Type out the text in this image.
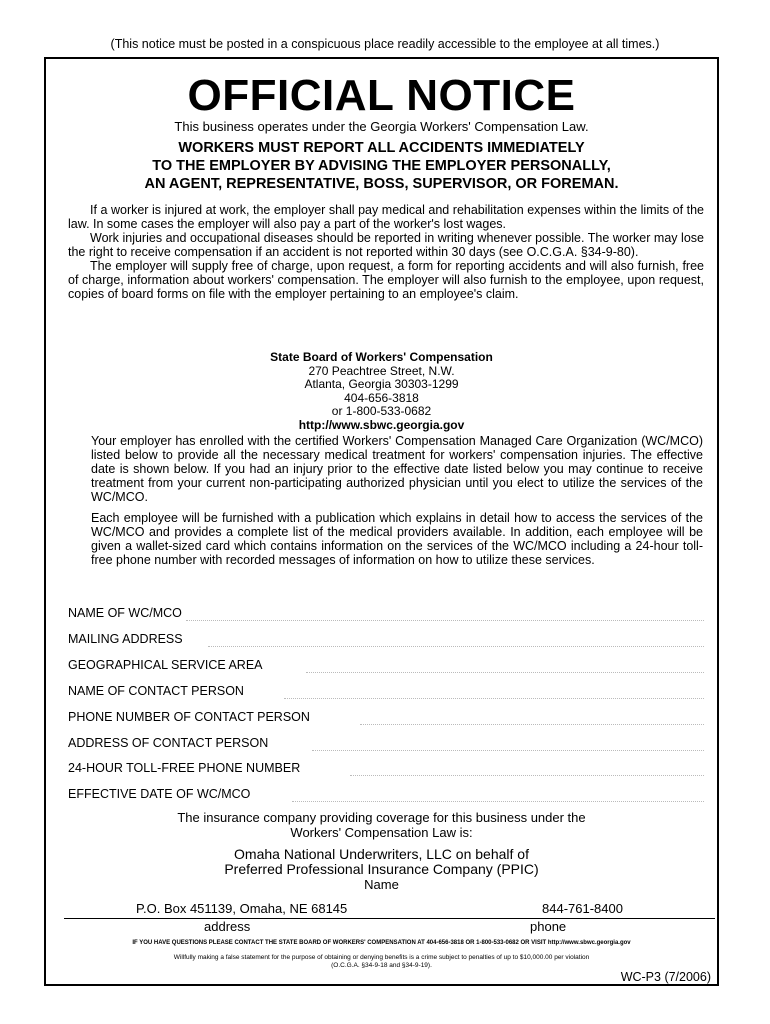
(This notice must be posted in a conspicuous place readily accessible to the employee at all times.)
OFFICIAL NOTICE
This business operates under the Georgia Workers' Compensation Law.
WORKERS MUST REPORT ALL ACCIDENTS IMMEDIATELY
TO THE EMPLOYER BY ADVISING THE EMPLOYER PERSONALLY,
AN AGENT, REPRESENTATIVE, BOSS, SUPERVISOR, OR FOREMAN.

If a worker is injured at work, the employer shall pay medical and rehabilitation expenses within the limits of the law. In some cases the employer will also pay a part of the worker's lost wages.

Work injuries and occupational diseases should be reported in writing whenever possible. The worker may lose the right to receive compensation if an accident is not reported within 30 days (see O.C.G.A. §34-9-80).

The employer will supply free of charge, upon request, a form for reporting accidents and will also furnish, free of charge, information about workers' compensation. The employer will also furnish to the employee, upon request, copies of board forms on file with the employer pertaining to an employee's claim.

State Board of Workers' Compensation
270 Peachtree Street, N.W.
Atlanta, Georgia 30303-1299
404-656-3818
or 1-800-533-0682
http://www.sbwc.georgia.gov

Your employer has enrolled with the certified Workers' Compensation Managed Care Organization (WC/MCO) listed below to provide all the necessary medical treatment for workers' compensation injuries. The effective date is shown below. If you had an injury prior to the effective date listed below you may continue to receive treatment from your current non-participating authorized physician until you elect to utilize the services of the WC/MCO.

Each employee will be furnished with a publication which explains in detail how to access the services of the WC/MCO and provides a complete list of the medical providers available. In addition, each employee will be given a wallet-sized card which contains information on the services of the WC/MCO including a 24-hour toll-free phone number with recorded messages of information on how to utilize these services.

NAME OF WC/MCO
MAILING ADDRESS
GEOGRAPHICAL SERVICE AREA
NAME OF CONTACT PERSON
PHONE NUMBER OF CONTACT PERSON
ADDRESS OF CONTACT PERSON
24-HOUR TOLL-FREE PHONE NUMBER
EFFECTIVE DATE OF WC/MCO
The insurance company providing coverage for this business under the
Workers' Compensation Law is:
Omaha National Underwriters, LLC on behalf of
Preferred Professional Insurance Company (PPIC)
Name
P.O. Box 451139, Omaha, NE 68145	844-761-8400
address	phone
IF YOU HAVE QUESTIONS PLEASE CONTACT THE STATE BOARD OF WORKERS' COMPENSATION AT 404-656-3818 OR 1-800-533-0682 OR VISIT http://www.sbwc.georgia.gov
Willfully making a false statement for the purpose of obtaining or denying benefits is a crime subject to penalties of up to $10,000.00 per violation
(O.C.G.A. §34-9-18 and §34-9-19).
WC-P3 (7/2006)
